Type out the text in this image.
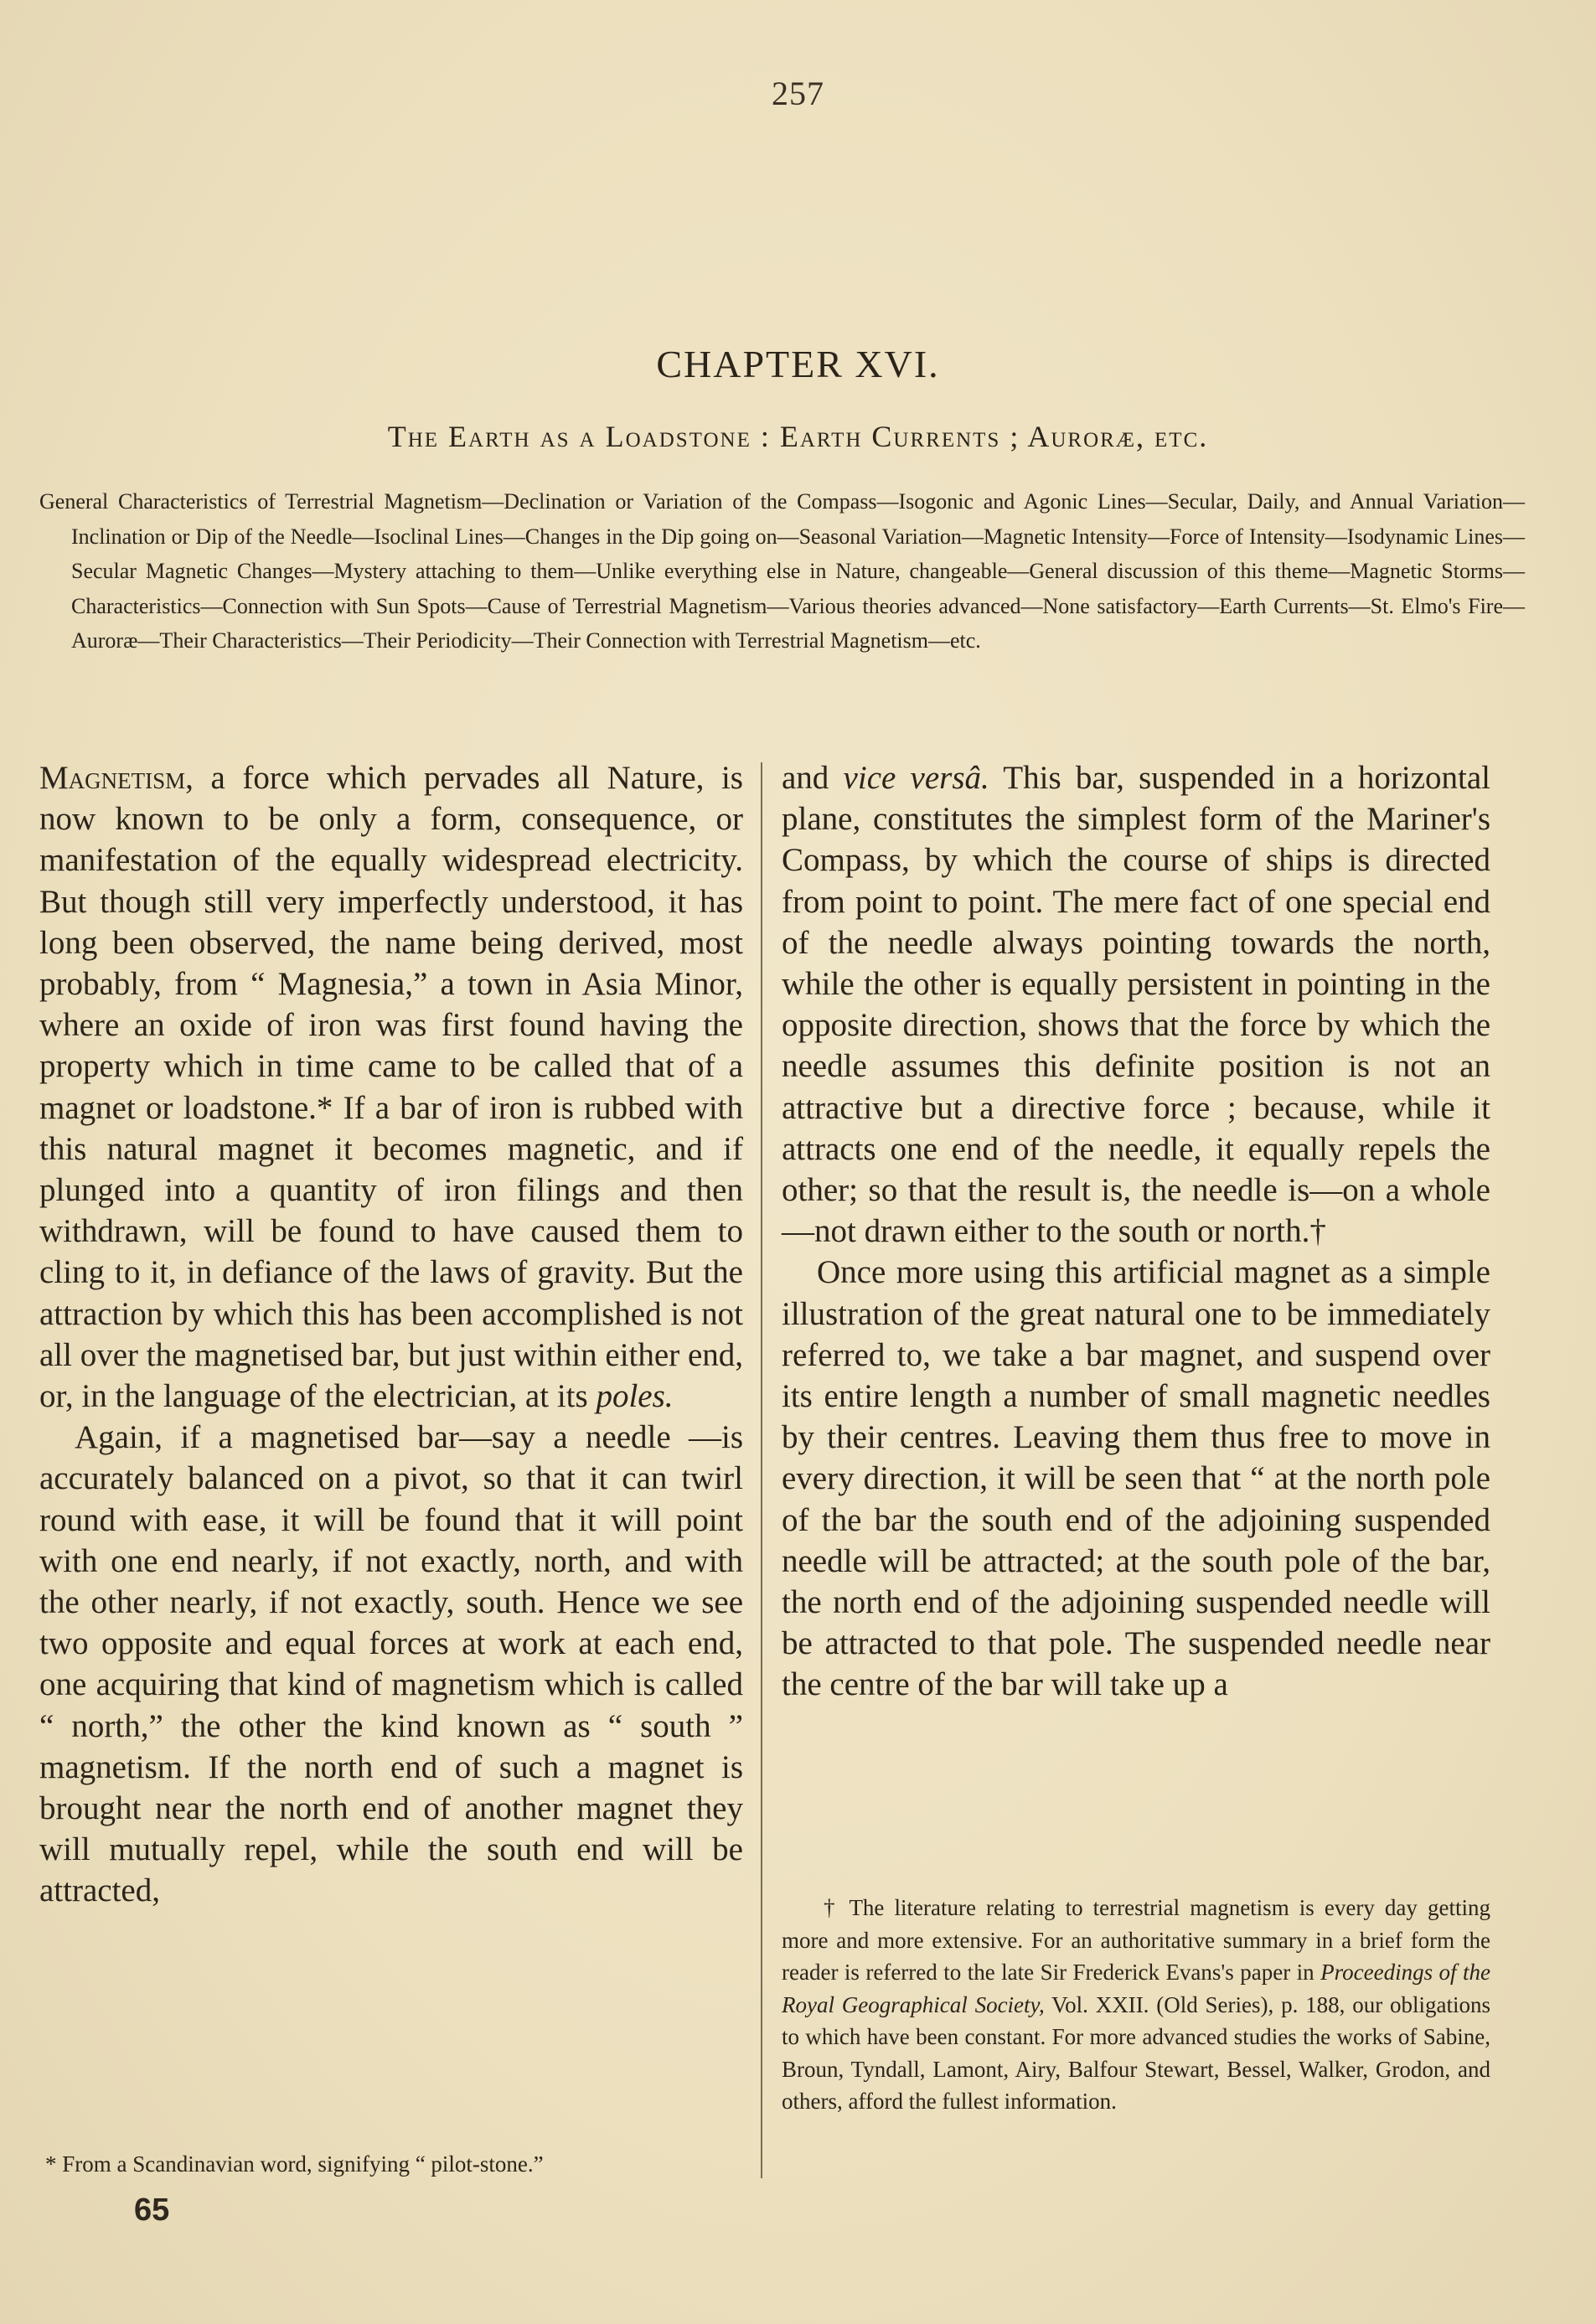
257
CHAPTER XVI.
The Earth as a Loadstone : Earth Currents ; Auroræ, etc.

General Characteristics of Terrestrial Magnetism—Declination or Variation of the Compass—Isogonic and Agonic Lines—Secular, Daily, and Annual Variation—Inclination or Dip of the Needle—Isoclinal Lines—Changes in the Dip going on—Seasonal Variation—Magnetic Intensity—Force of Intensity—Isodynamic Lines—Secular Magnetic Changes—Mystery attaching to them—Unlike everything else in Nature, changeable—General discussion of this theme—Magnetic Storms—Characteristics—Connection with Sun Spots—Cause of Terrestrial Magnetism—Various theories advanced—None satisfactory—Earth Currents—St. Elmo's Fire—Auroræ—Their Characteristics—Their Periodicity—Their Connection with Terrestrial Magnetism—etc.

Magnetism, a force which pervades all Nature, is now known to be only a form, consequence, or manifestation of the equally widespread electricity. But though still very imperfectly understood, it has long been observed, the name being derived, most probably, from “ Magnesia,” a town in Asia Minor, where an oxide of iron was first found having the property which in time came to be called that of a magnet or loadstone.* If a bar of iron is rubbed with this natural magnet it becomes magnetic, and if plunged into a quantity of iron filings and then withdrawn, will be found to have caused them to cling to it, in defiance of the laws of gravity. But the attraction by which this has been accomplished is not all over the magnetised bar, but just within either end, or, in the language of the electrician, at its poles.

Again, if a magnetised bar—say a needle —is accurately balanced on a pivot, so that it can twirl round with ease, it will be found that it will point with one end nearly, if not exactly, north, and with the other nearly, if not exactly, south. Hence we see two opposite and equal forces at work at each end, one acquiring that kind of magnetism which is called “ north,” the other the kind known as “ south ” magnetism. If the north end of such a magnet is brought near the north end of another magnet they will mutually repel, while the south end will be attracted,

and vice versâ. This bar, suspended in a horizontal plane, constitutes the simplest form of the Mariner's Compass, by which the course of ships is directed from point to point. The mere fact of one special end of the needle always pointing towards the north, while the other is equally persistent in pointing in the opposite direction, shows that the force by which the needle assumes this definite position is not an attractive but a directive force ; because, while it attracts one end of the needle, it equally repels the other; so that the result is, the needle is—on a whole—not drawn either to the south or north.†

Once more using this artificial magnet as a simple illustration of the great natural one to be immediately referred to, we take a bar magnet, and suspend over its entire length a number of small magnetic needles by their centres. Leaving them thus free to move in every direction, it will be seen that “ at the north pole of the bar the south end of the adjoining suspended needle will be attracted; at the south pole of the bar, the north end of the adjoining suspended needle will be attracted to that pole. The suspended needle near the centre of the bar will take up a

† The literature relating to terrestrial magnetism is every day getting more and more extensive. For an authoritative summary in a brief form the reader is referred to the late Sir Frederick Evans's paper in Proceedings of the Royal Geographical Society, Vol. XXII. (Old Series), p. 188, our obligations to which have been constant. For more advanced studies the works of Sabine, Broun, Tyndall, Lamont, Airy, Balfour Stewart, Bessel, Walker, Grodon, and others, afford the fullest information.

* From a Scandinavian word, signifying “ pilot-stone.”

65
